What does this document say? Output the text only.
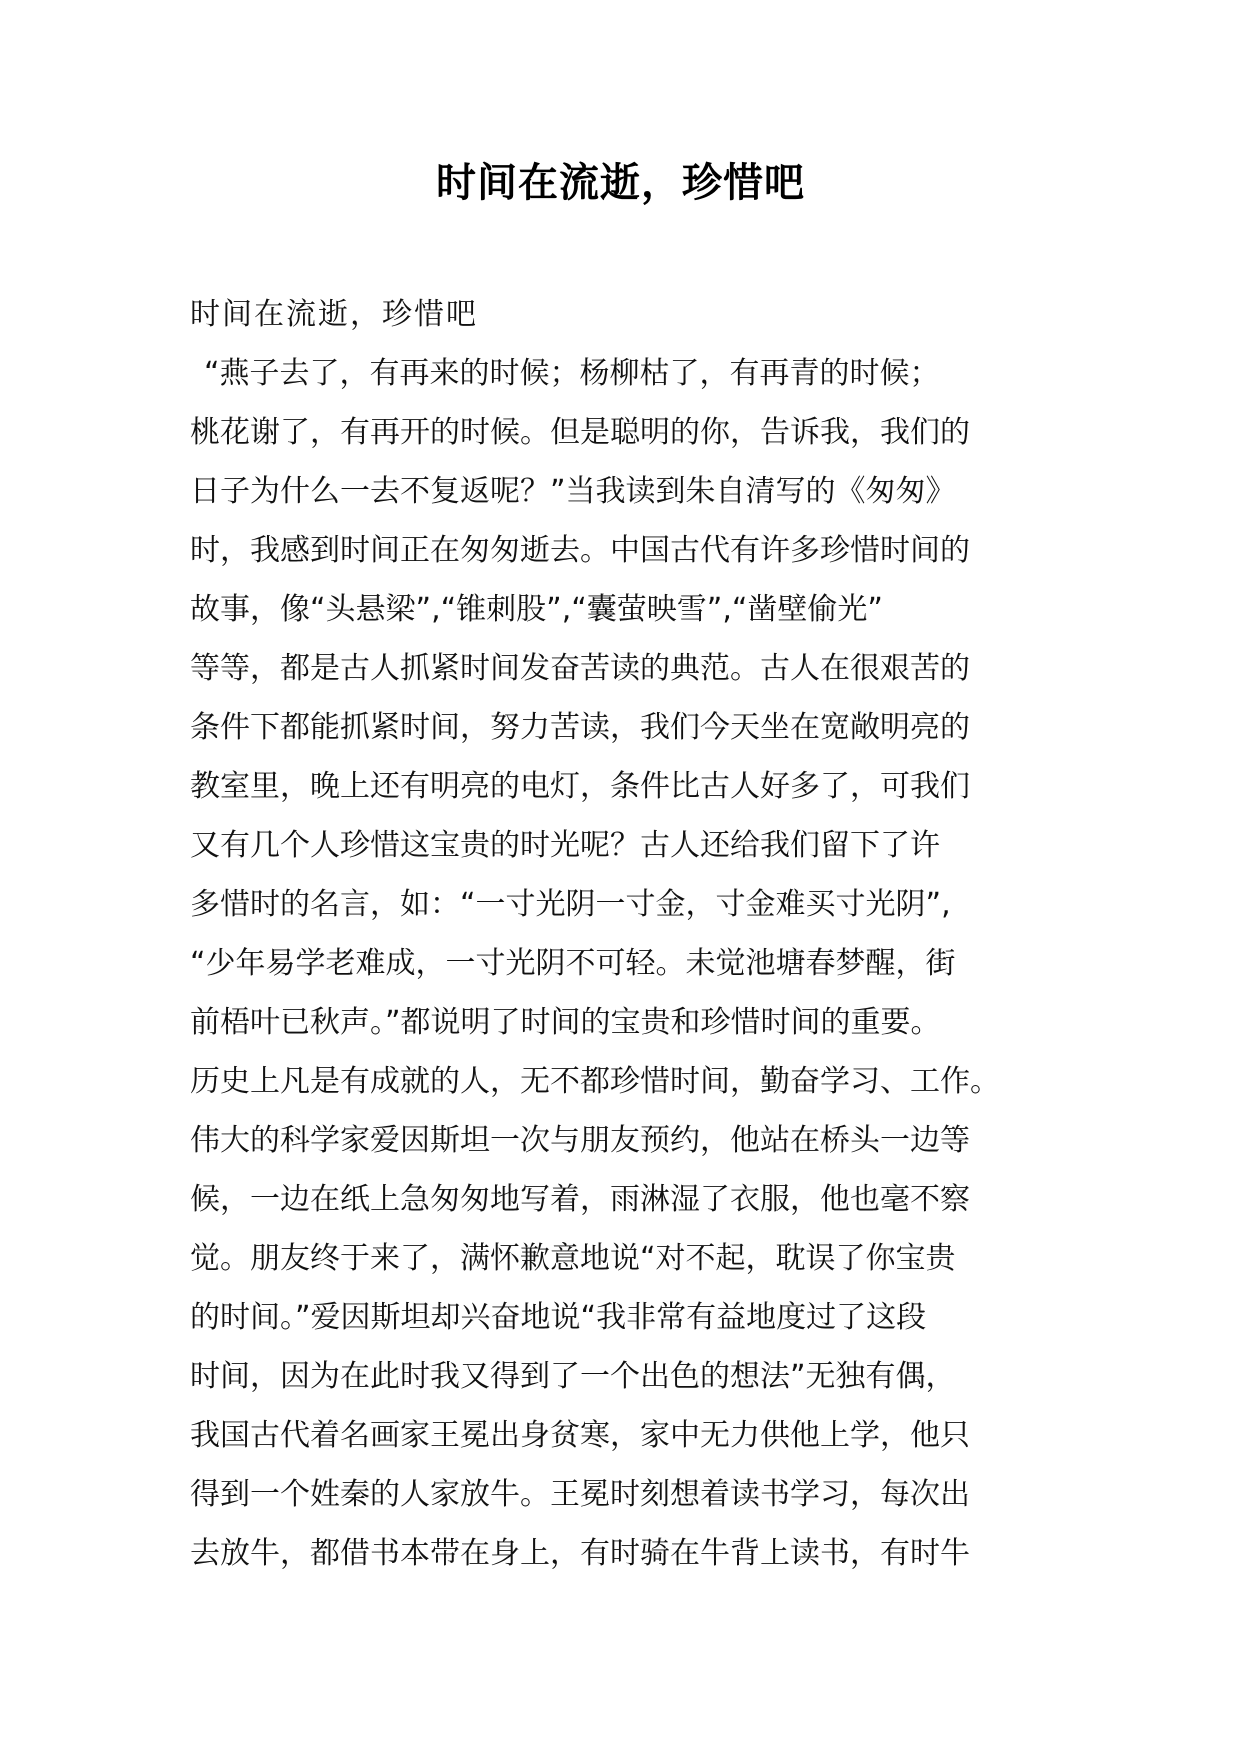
时间在流逝，珍惜吧

时间在流逝，珍惜吧

“燕子去了，有再来的时候；杨柳枯了，有再青的时候；

桃花谢了，有再开的时候。但是聪明的你，告诉我，我们的

日子为什么一去不复返呢？”当我读到朱自清写的《匆匆》

时，我感到时间正在匆匆逝去。中国古代有许多珍惜时间的

故事，像“头悬梁”,“锥刺股”,“囊萤映雪”,“凿壁偷光”

等等，都是古人抓紧时间发奋苦读的典范。古人在很艰苦的

条件下都能抓紧时间，努力苦读，我们今天坐在宽敞明亮的

教室里，晚上还有明亮的电灯，条件比古人好多了，可我们

又有几个人珍惜这宝贵的时光呢？古人还给我们留下了许

多惜时的名言，如：“一寸光阴一寸金，寸金难买寸光阴”,

“少年易学老难成，一寸光阴不可轻。未觉池塘春梦醒，街

前梧叶已秋声。”都说明了时间的宝贵和珍惜时间的重要。

历史上凡是有成就的人，无不都珍惜时间，勤奋学习、工作。

伟大的科学家爱因斯坦一次与朋友预约，他站在桥头一边等

候，一边在纸上急匆匆地写着，雨淋湿了衣服，他也毫不察

觉。朋友终于来了，满怀歉意地说“对不起，耽误了你宝贵

的时间。”爱因斯坦却兴奋地说“我非常有益地度过了这段

时间，因为在此时我又得到了一个出色的想法”无独有偶，

我国古代着名画家王冕出身贫寒，家中无力供他上学，他只

得到一个姓秦的人家放牛。王冕时刻想着读书学习，每次出

去放牛，都借书本带在身上，有时骑在牛背上读书，有时牛
